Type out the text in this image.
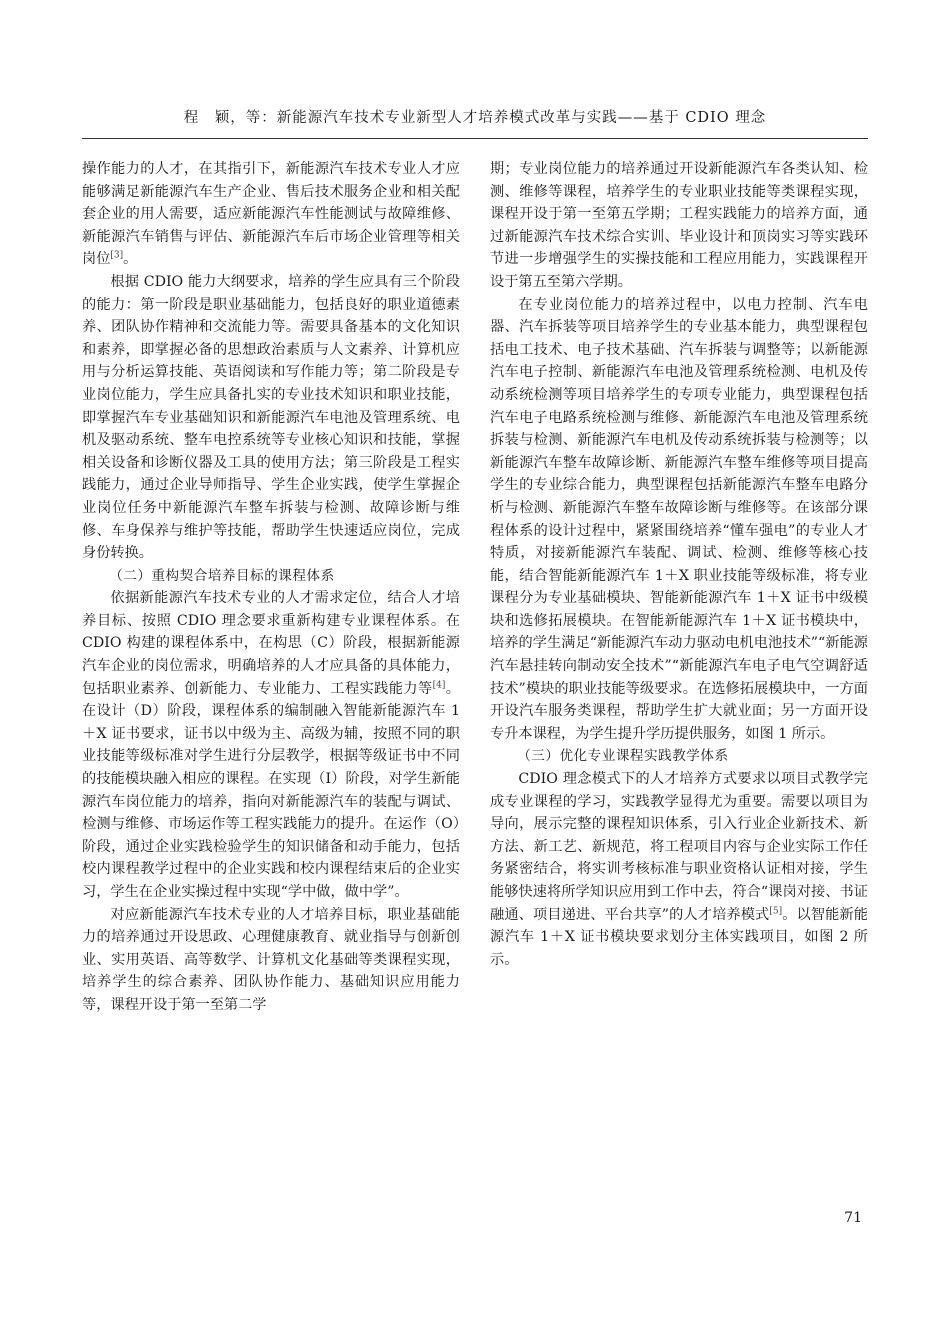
程　颖，等：新能源汽车技术专业新型人才培养模式改革与实践——基于 CDIO 理念

操作能力的人才，在其指引下，新能源汽车技术专业人才应能够满足新能源汽车生产企业、售后技术服务企业和相关配套企业的用人需要，适应新能源汽车性能测试与故障维修、新能源汽车销售与评估、新能源汽车后市场企业管理等相关岗位[3]。

根据 CDIO 能力大纲要求，培养的学生应具有三个阶段的能力：第一阶段是职业基础能力，包括良好的职业道德素养、团队协作精神和交流能力等。需要具备基本的文化知识和素养，即掌握必备的思想政治素质与人文素养、计算机应用与分析运算技能、英语阅读和写作能力等；第二阶段是专业岗位能力，学生应具备扎实的专业技术知识和职业技能，即掌握汽车专业基础知识和新能源汽车电池及管理系统、电机及驱动系统、整车电控系统等专业核心知识和技能，掌握相关设备和诊断仪器及工具的使用方法；第三阶段是工程实践能力，通过企业导师指导、学生企业实践，使学生掌握企业岗位任务中新能源汽车整车拆装与检测、故障诊断与维修、车身保养与维护等技能，帮助学生快速适应岗位，完成身份转换。

（二）重构契合培养目标的课程体系

依据新能源汽车技术专业的人才需求定位，结合人才培养目标、按照 CDIO 理念要求重新构建专业课程体系。在 CDIO 构建的课程体系中，在构思（C）阶段，根据新能源汽车企业的岗位需求，明确培养的人才应具备的具体能力，包括职业素养、创新能力、专业能力、工程实践能力等[4]。在设计（D）阶段，课程体系的编制融入智能新能源汽车 1＋X 证书要求，证书以中级为主、高级为辅，按照不同的职业技能等级标准对学生进行分层教学，根据等级证书中不同的技能模块融入相应的课程。在实现（I）阶段，对学生新能源汽车岗位能力的培养，指向对新能源汽车的装配与调试、检测与维修、市场运作等工程实践能力的提升。在运作（O）阶段，通过企业实践检验学生的知识储备和动手能力，包括校内课程教学过程中的企业实践和校内课程结束后的企业实习，学生在企业实操过程中实现“学中做，做中学”。

对应新能源汽车技术专业的人才培养目标，职业基础能力的培养通过开设思政、心理健康教育、就业指导与创新创业、实用英语、高等数学、计算机文化基础等类课程实现，培养学生的综合素养、团队协作能力、基础知识应用能力等，课程开设于第一至第二学

期；专业岗位能力的培养通过开设新能源汽车各类认知、检测、维修等课程，培养学生的专业职业技能等类课程实现，课程开设于第一至第五学期；工程实践能力的培养方面，通过新能源汽车技术综合实训、毕业设计和顶岗实习等实践环节进一步增强学生的实操技能和工程应用能力，实践课程开设于第五至第六学期。

在专业岗位能力的培养过程中，以电力控制、汽车电器、汽车拆装等项目培养学生的专业基本能力，典型课程包括电工技术、电子技术基础、汽车拆装与调整等；以新能源汽车电子控制、新能源汽车电池及管理系统检测、电机及传动系统检测等项目培养学生的专项专业能力，典型课程包括汽车电子电路系统检测与维修、新能源汽车电池及管理系统拆装与检测、新能源汽车电机及传动系统拆装与检测等；以新能源汽车整车故障诊断、新能源汽车整车维修等项目提高学生的专业综合能力，典型课程包括新能源汽车整车电路分析与检测、新能源汽车整车故障诊断与维修等。在该部分课程体系的设计过程中，紧紧围绕培养“懂车强电”的专业人才特质，对接新能源汽车装配、调试、检测、维修等核心技能，结合智能新能源汽车 1＋X 职业技能等级标准，将专业课程分为专业基础模块、智能新能源汽车 1＋X 证书中级模块和选修拓展模块。在智能新能源汽车 1＋X 证书模块中，培养的学生满足“新能源汽车动力驱动电机电池技术”“新能源汽车悬挂转向制动安全技术”“新能源汽车电子电气空调舒适技术”模块的职业技能等级要求。在选修拓展模块中，一方面开设汽车服务类课程，帮助学生扩大就业面；另一方面开设专升本课程，为学生提升学历提供服务，如图 1 所示。

（三）优化专业课程实践教学体系

CDIO 理念模式下的人才培养方式要求以项目式教学完成专业课程的学习，实践教学显得尤为重要。需要以项目为导向，展示完整的课程知识体系，引入行业企业新技术、新方法、新工艺、新规范，将工程项目内容与企业实际工作任务紧密结合，将实训考核标准与职业资格认证相对接，学生能够快速将所学知识应用到工作中去，符合“课岗对接、书证融通、项目递进、平台共享”的人才培养模式[5]。以智能新能源汽车 1＋X 证书模块要求划分主体实践项目，如图 2 所示。

71
